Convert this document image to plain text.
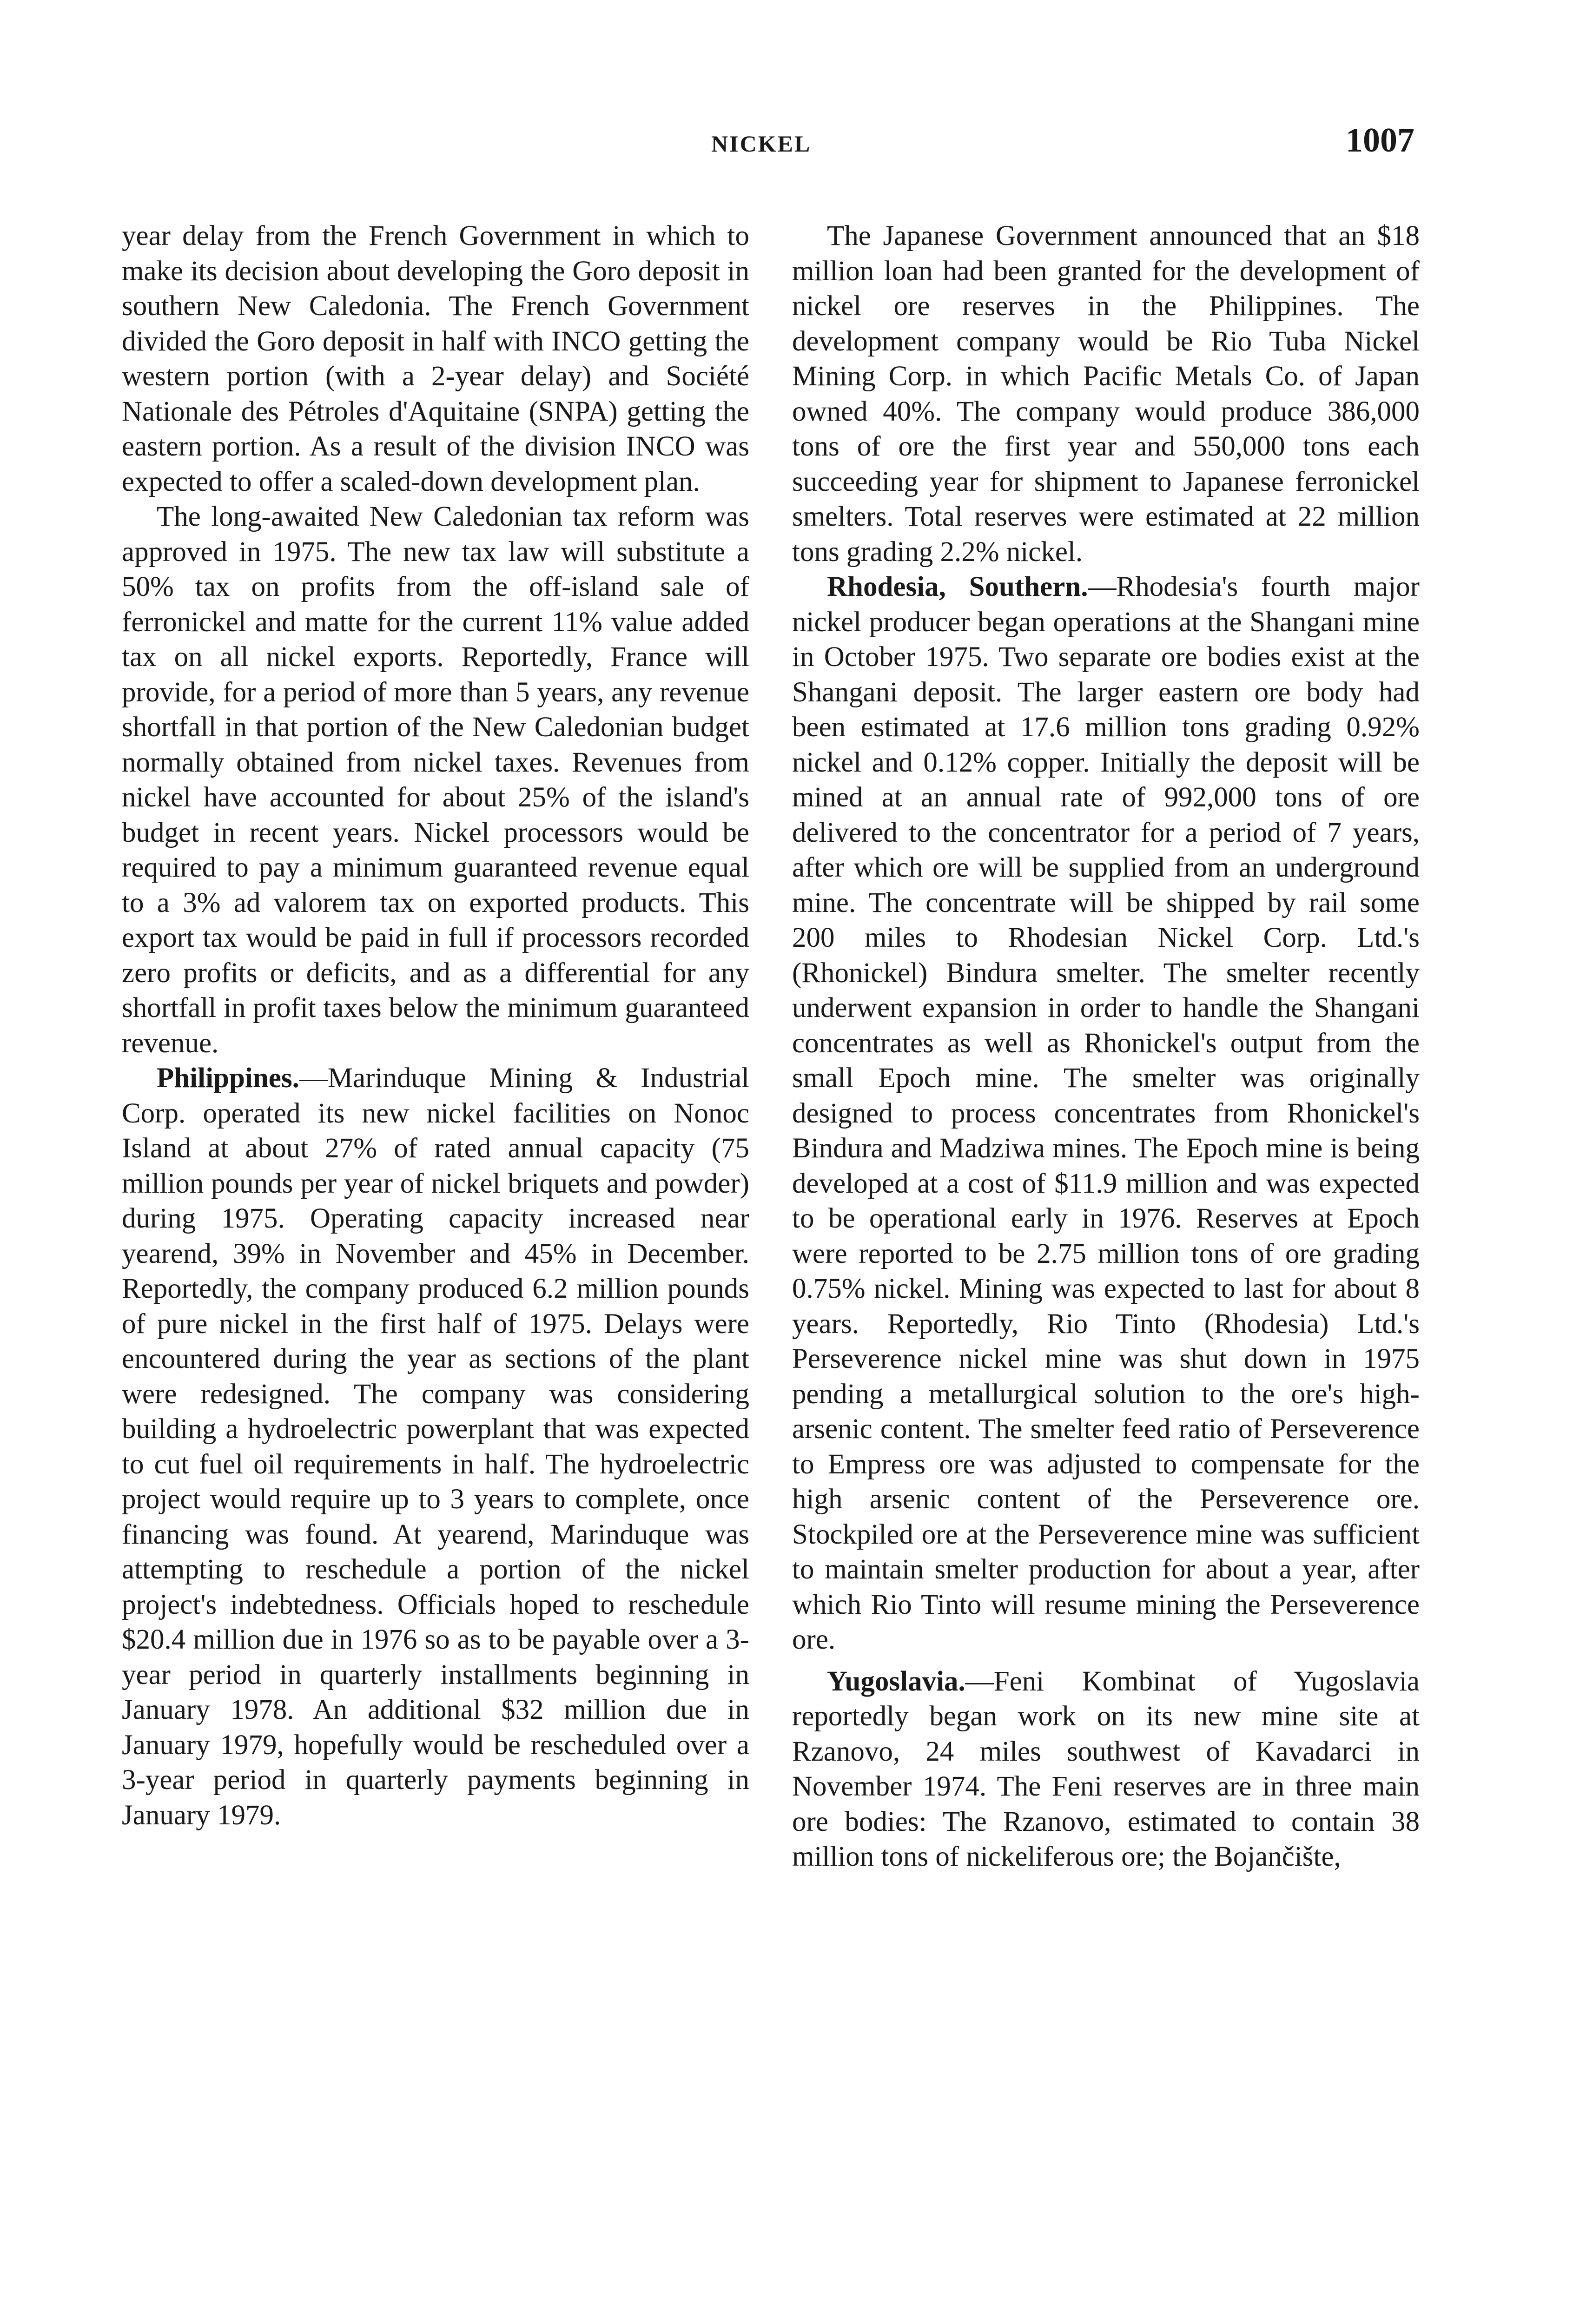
NICKEL	1007

year delay from the French Government in which to make its decision about developing the Goro deposit in southern New Caledonia. The French Government divided the Goro deposit in half with INCO getting the western portion (with a 2-year delay) and Société Nationale des Pétroles d'Aquitaine (SNPA) getting the eastern portion. As a result of the division INCO was expected to offer a scaled-down development plan.

The long-awaited New Caledonian tax reform was approved in 1975. The new tax law will substitute a 50% tax on profits from the off-island sale of ferronickel and matte for the current 11% value added tax on all nickel exports. Reportedly, France will provide, for a period of more than 5 years, any revenue shortfall in that portion of the New Caledonian budget normally obtained from nickel taxes. Revenues from nickel have accounted for about 25% of the island's budget in recent years. Nickel processors would be required to pay a minimum guaranteed revenue equal to a 3% ad valorem tax on exported products. This export tax would be paid in full if processors recorded zero profits or deficits, and as a differential for any shortfall in profit taxes below the minimum guaranteed revenue.

Philippines.—Marinduque Mining & Industrial Corp. operated its new nickel facilities on Nonoc Island at about 27% of rated annual capacity (75 million pounds per year of nickel briquets and powder) during 1975. Operating capacity increased near yearend, 39% in November and 45% in December. Reportedly, the company produced 6.2 million pounds of pure nickel in the first half of 1975. Delays were encountered during the year as sections of the plant were redesigned. The company was considering building a hydroelectric powerplant that was expected to cut fuel oil requirements in half. The hydroelectric project would require up to 3 years to complete, once financing was found. At yearend, Marinduque was attempting to reschedule a portion of the nickel project's indebtedness. Officials hoped to reschedule $20.4 million due in 1976 so as to be payable over a 3-year period in quarterly installments beginning in January 1978. An additional $32 million due in January 1979, hopefully would be rescheduled over a 3-year period in quarterly payments beginning in January 1979.

The Japanese Government announced that an $18 million loan had been granted for the development of nickel ore reserves in the Philippines. The development company would be Rio Tuba Nickel Mining Corp. in which Pacific Metals Co. of Japan owned 40%. The company would produce 386,000 tons of ore the first year and 550,000 tons each succeeding year for shipment to Japanese ferronickel smelters. Total reserves were estimated at 22 million tons grading 2.2% nickel.

Rhodesia, Southern.—Rhodesia's fourth major nickel producer began operations at the Shangani mine in October 1975. Two separate ore bodies exist at the Shangani deposit. The larger eastern ore body had been estimated at 17.6 million tons grading 0.92% nickel and 0.12% copper. Initially the deposit will be mined at an annual rate of 992,000 tons of ore delivered to the concentrator for a period of 7 years, after which ore will be supplied from an underground mine. The concentrate will be shipped by rail some 200 miles to Rhodesian Nickel Corp. Ltd.'s (Rhonickel) Bindura smelter. The smelter recently underwent expansion in order to handle the Shangani concentrates as well as Rhonickel's output from the small Epoch mine. The smelter was originally designed to process concentrates from Rhonickel's Bindura and Madziwa mines. The Epoch mine is being developed at a cost of $11.9 million and was expected to be operational early in 1976. Reserves at Epoch were reported to be 2.75 million tons of ore grading 0.75% nickel. Mining was expected to last for about 8 years. Reportedly, Rio Tinto (Rhodesia) Ltd.'s Perseverence nickel mine was shut down in 1975 pending a metallurgical solution to the ore's high-arsenic content. The smelter feed ratio of Perseverence to Empress ore was adjusted to compensate for the high arsenic content of the Perseverence ore. Stockpiled ore at the Perseverence mine was sufficient to maintain smelter production for about a year, after which Rio Tinto will resume mining the Perseverence ore.

Yugoslavia.—Feni Kombinat of Yugoslavia reportedly began work on its new mine site at Rzanovo, 24 miles southwest of Kavadarci in November 1974. The Feni reserves are in three main ore bodies: The Rzanovo, estimated to contain 38 million tons of nickeliferous ore; the Bojančište,
